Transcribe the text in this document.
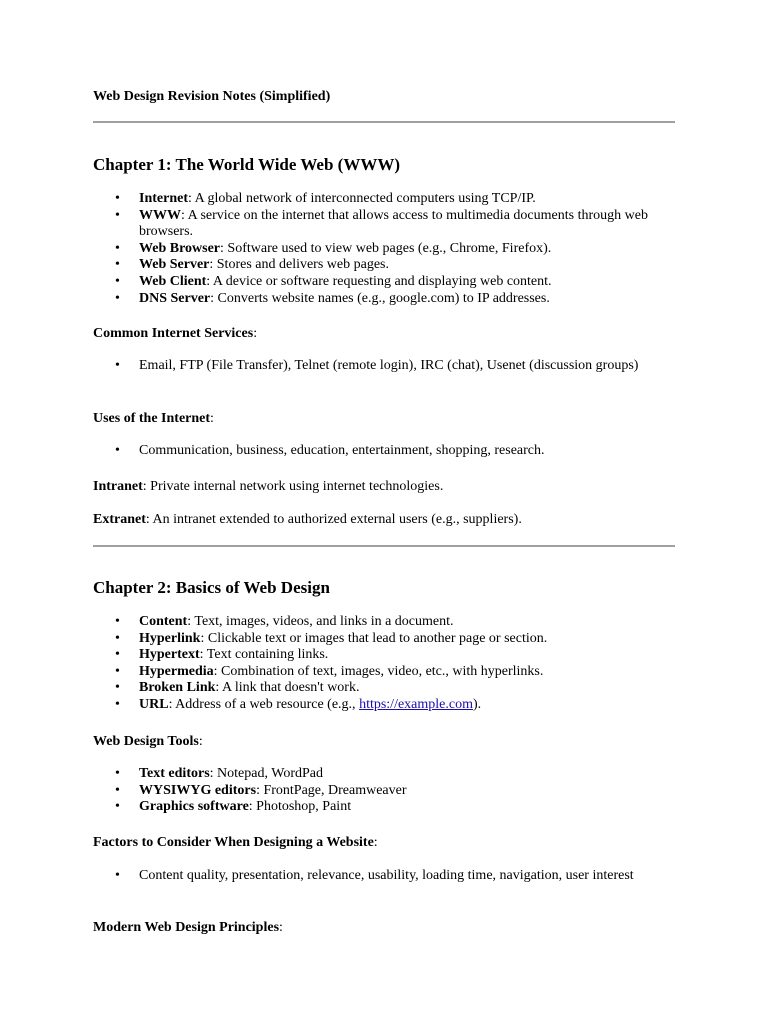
Web Design Revision Notes (Simplified)
Chapter 1: The World Wide Web (WWW)
• Internet: A global network of interconnected computers using TCP/IP.
• WWW: A service on the internet that allows access to multimedia documents through web browsers.
• Web Browser: Software used to view web pages (e.g., Chrome, Firefox).
• Web Server: Stores and delivers web pages.
• Web Client: A device or software requesting and displaying web content.
• DNS Server: Converts website names (e.g., google.com) to IP addresses.
Common Internet Services:
• Email, FTP (File Transfer), Telnet (remote login), IRC (chat), Usenet (discussion groups)
Uses of the Internet:
• Communication, business, education, entertainment, shopping, research.
Intranet: Private internal network using internet technologies.
Extranet: An intranet extended to authorized external users (e.g., suppliers).
Chapter 2: Basics of Web Design
• Content: Text, images, videos, and links in a document.
• Hyperlink: Clickable text or images that lead to another page or section.
• Hypertext: Text containing links.
• Hypermedia: Combination of text, images, video, etc., with hyperlinks.
• Broken Link: A link that doesn't work.
• URL: Address of a web resource (e.g., https://example.com).
Web Design Tools:
• Text editors: Notepad, WordPad
• WYSIWYG editors: FrontPage, Dreamweaver
• Graphics software: Photoshop, Paint
Factors to Consider When Designing a Website:
• Content quality, presentation, relevance, usability, loading time, navigation, user interest
Modern Web Design Principles:
